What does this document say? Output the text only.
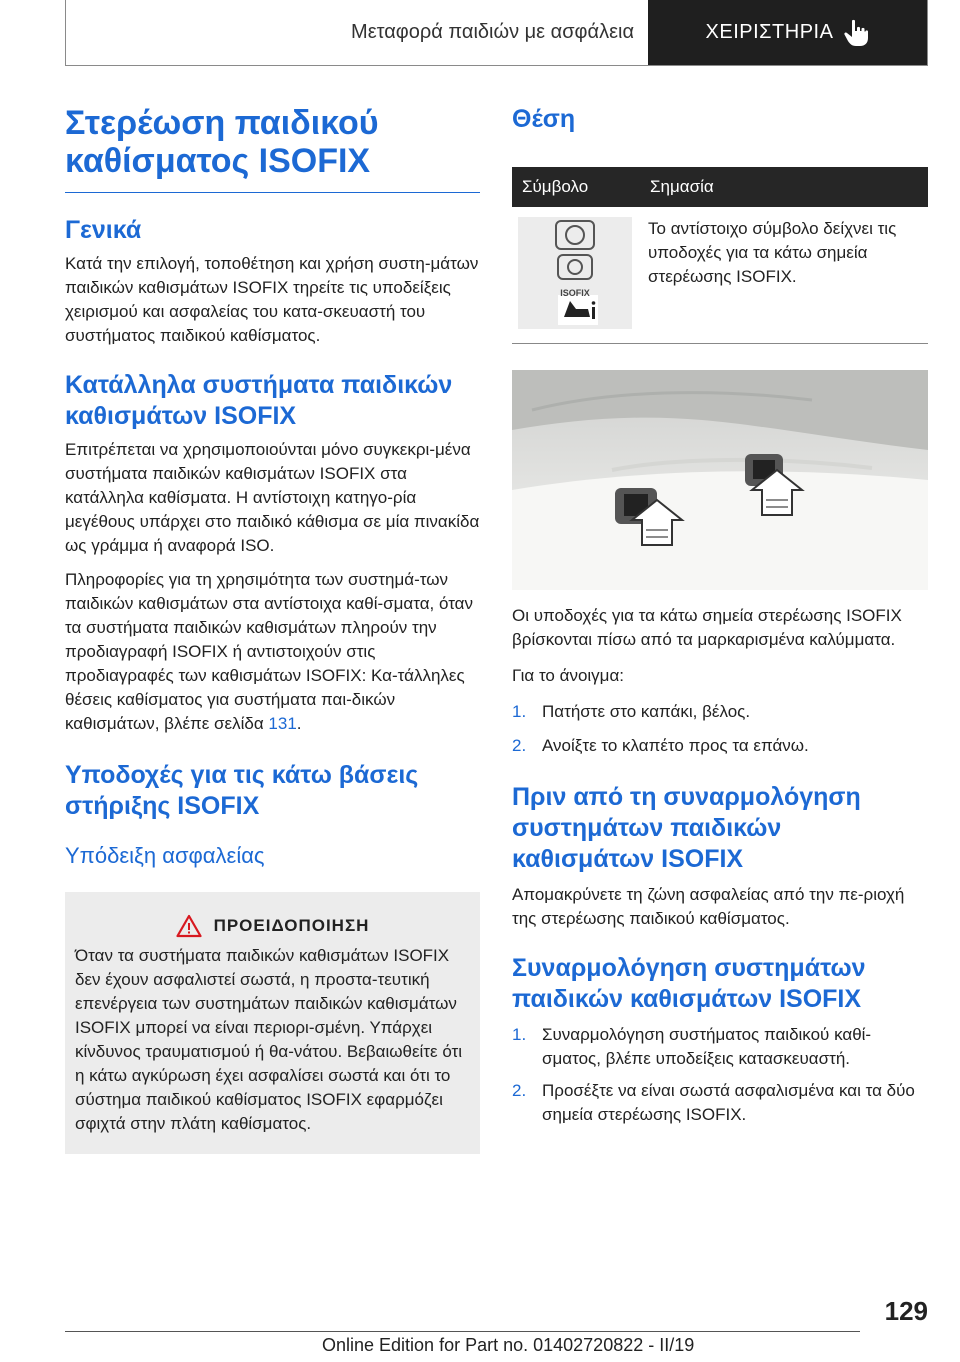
Μεταφορά παιδιών με ασφάλεια	ΧΕΙΡΙΣΤΗΡΙΑ
Στερέωση παιδικού καθίσματος ISOFIX
Γενικά

Κατά την επιλογή, τοποθέτηση και χρήση συστη‐μάτων παιδικών καθισμάτων ISOFIX τηρείτε τις υποδείξεις χειρισμού και ασφαλείας του κατα‐σκευαστή του συστήματος παιδικού καθίσματος.

Κατάλληλα συστήματα παιδικών καθισμάτων ISOFIX

Επιτρέπεται να χρησιμοποιούνται μόνο συγκεκρι‐μένα συστήματα παιδικών καθισμάτων ISOFIX στα κατάλληλα καθίσματα. Η αντίστοιχη κατηγο‐ρία μεγέθους υπάρχει στο παιδικό κάθισμα σε μία πινακίδα ως γράμμα ή αναφορά ISO.

Πληροφορίες για τη χρησιμότητα των συστημά‐των παιδικών καθισμάτων στα αντίστοιχα καθί‐σματα, όταν τα συστήματα παιδικών καθισμάτων πληρούν την προδιαγραφή ISOFIX ή αντιστοιχούν στις προδιαγραφές των καθισμάτων ISOFIX: Κα‐τάλληλες θέσεις καθίσματος για συστήματα παι‐δικών καθισμάτων, βλέπε σελίδα 131.

Υποδοχές για τις κάτω βάσεις στήριξης ISOFIX
Υπόδειξη ασφαλείας
ΠΡΟΕΙΔΟΠΟΙΗΣΗ

Όταν τα συστήματα παιδικών καθισμάτων ISOFIX δεν έχουν ασφαλιστεί σωστά, η προστα‐τευτική επενέργεια των συστημάτων παιδικών καθισμάτων ISOFIX μπορεί να είναι περιορι‐σμένη. Υπάρχει κίνδυνος τραυματισμού ή θα‐νάτου. Βεβαιωθείτε ότι η κάτω αγκύρωση έχει ασφαλίσει σωστά και ότι το σύστημα παιδικού καθίσματος ISOFIX εφαρμόζει σφιχτά στην πλάτη καθίσματος.

Θέση
Σύμβολο	Σημασία

ISOFIX	Το αντίστοιχο σύμβολο δείχνει τις υποδοχές για τα κάτω σημεία στερέωσης ISOFIX.

Οι υποδοχές για τα κάτω σημεία στερέωσης ISOFIX βρίσκονται πίσω από τα μαρκαρισμένα καλύμματα.

Για το άνοιγμα:

1. Πατήστε στο καπάκι, βέλος.
2. Ανοίξτε το κλαπέτο προς τα επάνω.
Πριν από τη συναρμολόγηση συστημάτων παιδικών καθισμάτων ISOFIX

Απομακρύνετε τη ζώνη ασφαλείας από την πε‐ριοχή της στερέωσης παιδικού καθίσματος.

Συναρμολόγηση συστημάτων παιδικών καθισμάτων ISOFIX
1. Συναρμολόγηση συστήματος παιδικού καθί‐σματος, βλέπε υποδείξεις κατασκευαστή.
2. Προσέξτε να είναι σωστά ασφαλισμένα και τα δύο σημεία στερέωσης ISOFIX.
129
Online Edition for Part no. 01402720822 - II/19
